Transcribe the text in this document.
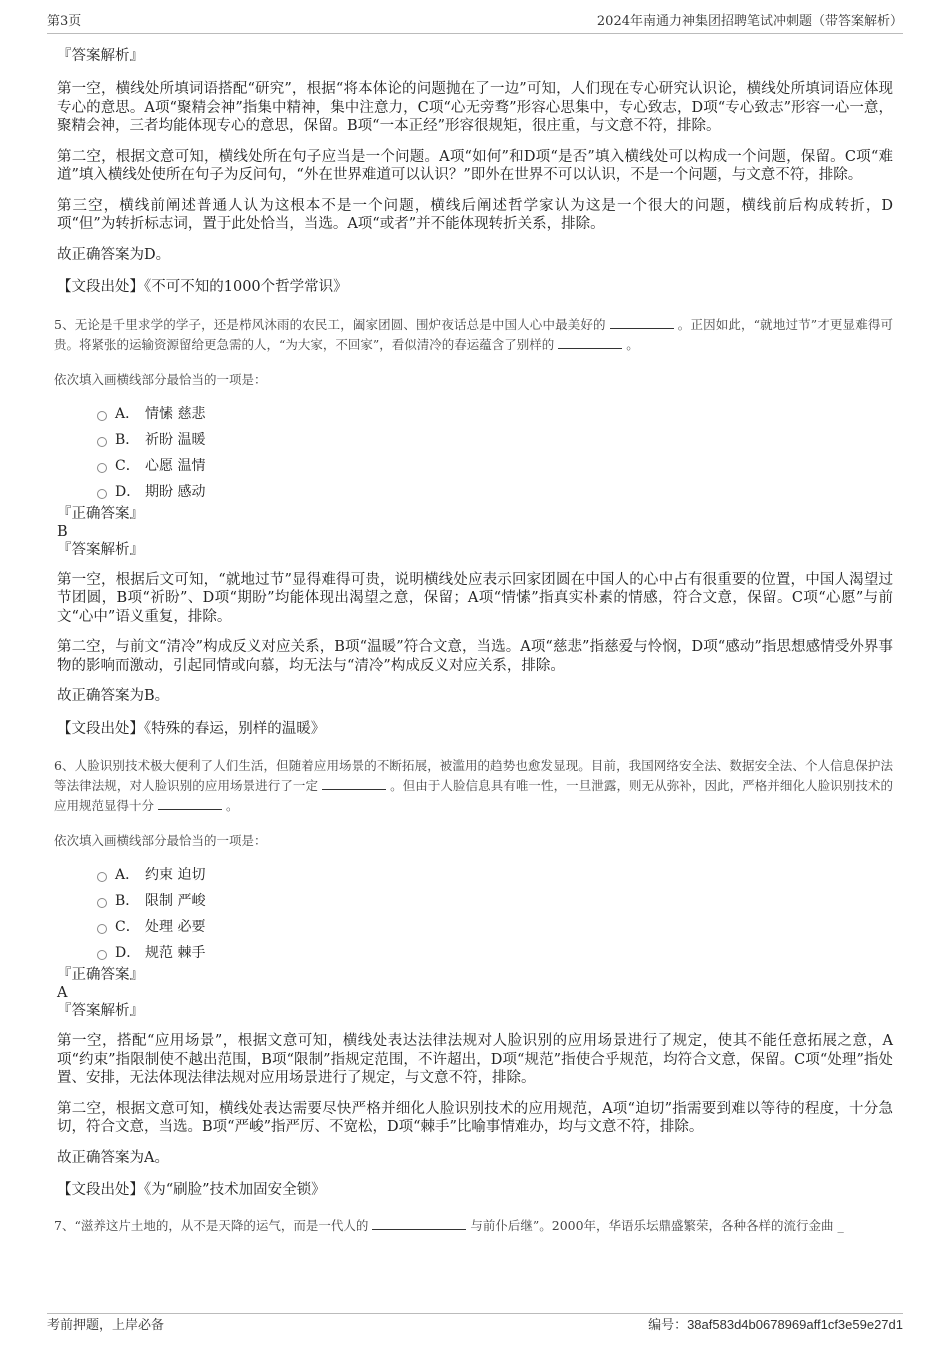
第3页	2024年南通力神集团招聘笔试冲刺题（带答案解析）
『答案解析』

第一空，横线处所填词语搭配“研究”，根据“将本体论的问题抛在了一边”可知，人们现在专心研究认识论，横线处所填词语应体现专心的意思。A项“聚精会神”指集中精神，集中注意力，C项“心无旁骛”形容心思集中，专心致志，D项“专心致志”形容一心一意，聚精会神，三者均能体现专心的意思，保留。B项“一本正经”形容很规矩，很庄重，与文意不符，排除。

第二空，根据文意可知，横线处所在句子应当是一个问题。A项“如何”和D项“是否”填入横线处可以构成一个问题，保留。C项“难道”填入横线处使所在句子为反问句，“外在世界难道可以认识？”即外在世界不可以认识，不是一个问题，与文意不符，排除。

第三空，横线前阐述普通人认为这根本不是一个问题，横线后阐述哲学家认为这是一个很大的问题，横线前后构成转折，D项“但”为转折标志词，置于此处恰当，当选。A项“或者”并不能体现转折关系，排除。

故正确答案为D。

【文段出处】《不可不知的1000个哲学常识》

5、无论是千里求学的学子，还是栉风沐雨的农民工，阖家团圆、围炉夜话总是中国人心中最美好的	。正因如此，“就地过节”才更显难得可贵。将紧张的运输资源留给更急需的人，“为大家，不回家”，看似清冷的春运蕴含了别样的	。

依次填入画横线部分最恰当的一项是：

A． 情愫 慈悲
B． 祈盼 温暖
C． 心愿 温情
D． 期盼 感动
『正确答案』
B
『答案解析』

第一空，根据后文可知，“就地过节”显得难得可贵，说明横线处应表示回家团圆在中国人的心中占有很重要的位置，中国人渴望过节团圆，B项“祈盼”、D项“期盼”均能体现出渴望之意，保留；A项“情愫”指真实朴素的情感，符合文意，保留。C项“心愿”与前文“心中”语义重复，排除。

第二空，与前文“清冷”构成反义对应关系，B项“温暖”符合文意，当选。A项“慈悲”指慈爱与怜悯，D项“感动”指思想感情受外界事物的影响而激动，引起同情或向慕，均无法与“清冷”构成反义对应关系，排除。

故正确答案为B。

【文段出处】《特殊的春运，别样的温暖》

6、人脸识别技术极大便利了人们生活，但随着应用场景的不断拓展，被滥用的趋势也愈发显现。目前，我国网络安全法、数据安全法、个人信息保护法等法律法规，对人脸识别的应用场景进行了一定	。但由于人脸信息具有唯一性，一旦泄露，则无从弥补，因此，严格并细化人脸识别技术的应用规范显得十分	。

依次填入画横线部分最恰当的一项是：

A． 约束 迫切
B． 限制 严峻
C． 处理 必要
D． 规范 棘手
『正确答案』
A
『答案解析』

第一空，搭配“应用场景”，根据文意可知，横线处表达法律法规对人脸识别的应用场景进行了规定，使其不能任意拓展之意，A项“约束”指限制使不越出范围，B项“限制”指规定范围，不许超出，D项“规范”指使合乎规范，均符合文意，保留。C项“处理”指处置、安排，无法体现法律法规对应用场景进行了规定，与文意不符，排除。

第二空，根据文意可知，横线处表达需要尽快严格并细化人脸识别技术的应用规范，A项“迫切”指需要到难以等待的程度，十分急切，符合文意，当选。B项“严峻”指严厉、不宽松，D项“棘手”比喻事情难办，均与文意不符，排除。

故正确答案为A。

【文段出处】《为“刷脸”技术加固安全锁》

7、“滋养这片土地的，从不是天降的运气，而是一代人的	与前仆后继”。2000年，华语乐坛鼎盛繁荣，各种各样的流行金曲 _

考前押题，上岸必备	编号：38af583d4b0678969aff1cf3e59e27d1
